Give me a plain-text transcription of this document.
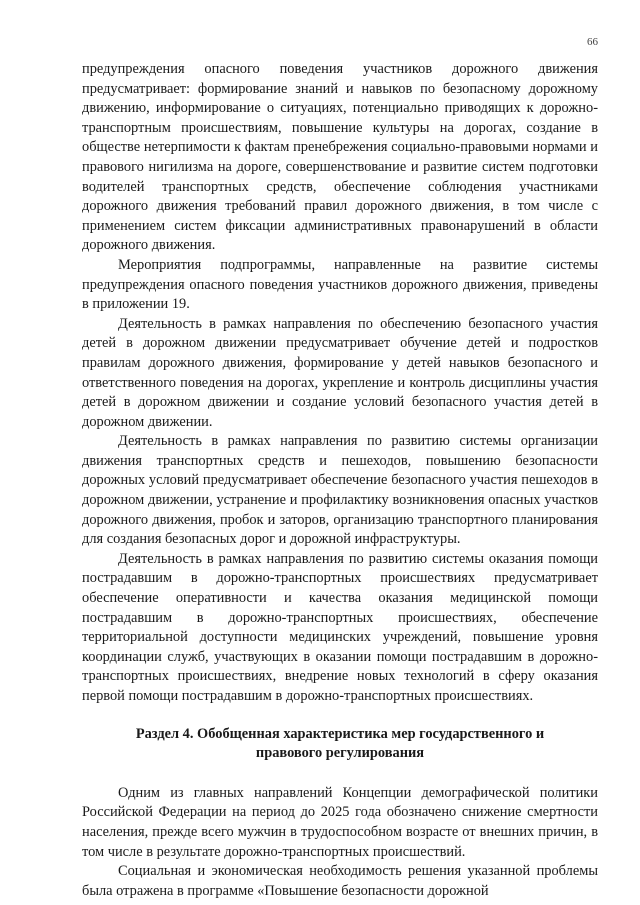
66

предупреждения опасного поведения участников дорожного движения предусматривает: формирование знаний и навыков по безопасному дорожному движению, информирование о ситуациях, потенциально приводящих к дорожно-транспортным происшествиям, повышение культуры на дорогах, создание в обществе нетерпимости к фактам пренебрежения социально-правовыми нормами и правового нигилизма на дороге, совершенствование и развитие систем подготовки водителей транспортных средств, обеспечение соблюдения участниками дорожного движения требований правил дорожного движения, в том числе с применением систем фиксации административных правонарушений в области дорожного движения.

Мероприятия подпрограммы, направленные на развитие системы предупреждения опасного поведения участников дорожного движения, приведены в приложении 19.

Деятельность в рамках направления по обеспечению безопасного участия детей в дорожном движении предусматривает обучение детей и подростков правилам дорожного движения, формирование у детей навыков безопасного и ответственного поведения на дорогах, укрепление и контроль дисциплины участия детей в дорожном движении и создание условий безопасного участия детей в дорожном движении.

Деятельность в рамках направления по развитию системы организации движения транспортных средств и пешеходов, повышению безопасности дорожных условий предусматривает обеспечение безопасного участия пешеходов в дорожном движении, устранение и профилактику возникновения опасных участков дорожного движения, пробок и заторов, организацию транспортного планирования для создания безопасных дорог и дорожной инфраструктуры.

Деятельность в рамках направления по развитию системы оказания помощи пострадавшим в дорожно-транспортных происшествиях предусматривает обеспечение оперативности и качества оказания медицинской помощи пострадавшим в дорожно-транспортных происшествиях, обеспечение территориальной доступности медицинских учреждений, повышение уровня координации служб, участвующих в оказании помощи пострадавшим в дорожно-транспортных происшествиях, внедрение новых технологий в сферу оказания первой помощи пострадавшим в дорожно-транспортных происшествиях.

Раздел 4. Обобщенная характеристика мер государственного и
правового регулирования

Одним из главных направлений Концепции демографической политики Российской Федерации на период до 2025 года обозначено снижение смертности населения, прежде всего мужчин в трудоспособном возрасте от внешних причин, в том числе в результате дорожно-транспортных происшествий.

Социальная и экономическая необходимость решения указанной проблемы была отражена в программе «Повышение безопасности дорожной
